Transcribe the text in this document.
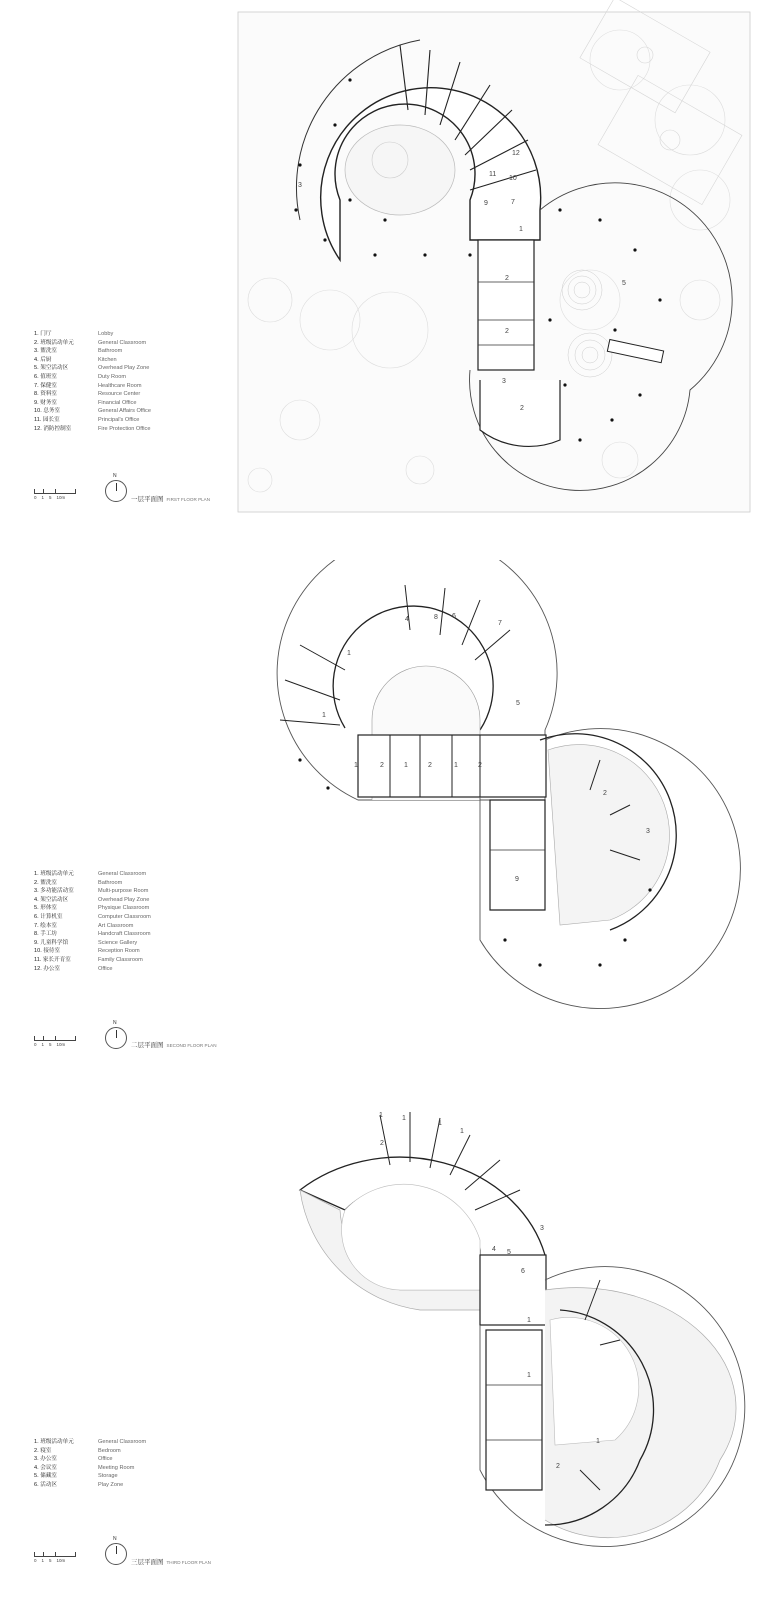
3
1
2
2
2
3
5
12
11
10
9	7
1. 门厅	Lobby
2. 班级活动单元	General Classroom
3. 盥洗室	Bathroom
4. 后厨	Kitchen
5. 架空活动区	Overhead Play Zone
6. 值班室	Duty Room
7. 保健室	Healthcare Room
8. 资料室	Resource Center
9. 财务室	Financial Office
10. 总务室	General Affairs Office
11. 园长室	Principal's Office
12. 消防控制室	Fire Protection Office
0 1 5 10m
N
一层平面图 FIRST FLOOR PLAN
4
1
1
1	1	1
2	2	2
2
3
5
6
7
8
9
1. 班级活动单元	General Classroom
2. 盥洗室	Bathroom
3. 多功能活动室	Multi-purpose Room
4. 架空活动区	Overhead Play Zone
5. 形体室	Physique Classroom
6. 计算机室	Computer Classroom
7. 绘本室	Art Classroom
8. 手工坊	Handcraft Classroom
9. 儿童科学馆	Science Gallery
10. 接待室	Reception Room
11. 家长开育室	Family Classroom
12. 办公室	Office
0 1 5 10m
N
二层平面图 SECOND FLOOR PLAN
1	1
1
1
1
1
1
2
2
3
4 5
6
1. 班级活动单元	General Classroom
2. 寝室	Bedroom
3. 办公室	Office
4. 会议室	Meeting Room
5. 储藏室	Storage
6. 活动区	Play Zone
0 1 5 10m
N
三层平面图 THIRD FLOOR PLAN
